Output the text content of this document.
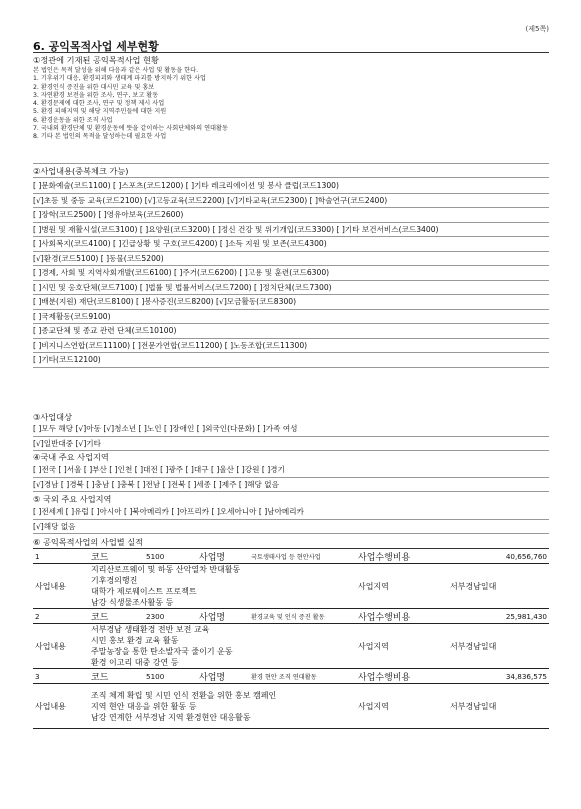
(제5쪽)
6. 공익목적사업 세부현황
①정관에 기재된 공익목적사업 현황
본 법인은 목적 달성을 위해 다음과 같은 사업 및 활동을 한다.
1. 기후위기 대응, 환경피괴와 생태계 파괴를 방지하기 위한 사업
2. 환경인식 증진을 위한 대시민 교육 및 홍보
3. 자연환경 보전을 위한 조사, 연구, 보고 활동
4. 환경문제에 대한 조사, 연구 및 정책 제시 사업
5. 환경 피해지역 및 해당 지역주민들에 대한 지원
6. 환경운동을 위한 조직 사업
7. 국내외 환경단체 및 환경운동에 뜻을 같이하는 사회단체와의 연대활동
8. 기타 본 법인의 목적을 달성하는데 필요한 사업
②사업내용(중복체크 가능)
[ ]문화예술(코드1100) [ ]스포츠(코드1200) [ ]기타 레크리에이션 및 봉사 클럽(코드1300)
[√]초등 및 중등 교육(코드2100) [√]고등교육(코드2200) [√]기타교육(코드2300) [ ]학술연구(코드2400)
[ ]장학(코드2500) [ ]영유아보육(코드2600)
[ ]병원 및 재활시설(코드3100) [ ]요양원(코드3200) [ ]정신 건강 및 위기개입(코드3300) [ ]기타 보건서비스(코드3400)
[ ]사회복지(코드4100) [ ]긴급상황 및 구호(코드4200) [ ]소득 지원 및 보존(코드4300)
[√]환경(코드5100) [ ]동물(코드5200)
[ ]경제, 사회 및 지역사회개발(코드6100) [ ]주거(코드6200) [ ]고용 및 훈련(코드6300)
[ ]시민 및 옹호단체(코드7100) [ ]법률 및 법률서비스(코드7200) [ ]정치단체(코드7300)
[ ]배분(지원) 재단(코드8100) [ ]봉사증진(코드8200) [√]모금활동(코드8300)
[ ]국제활동(코드9100)
[ ]종교단체 및 종교 관련 단체(코드10100)
[ ]비지니스연합(코드11100) [ ]전문가연합(코드11200) [ ]노동조합(코드11300)
[ ]기타(코드12100)
③사업대상
[ ]모두 해당 [√]아동 [√]청소년 [ ]노인 [ ]장애인 [ ]외국인(다문화) [ ]가족 여성
[√]일반대중 [√]기타
④국내 주요 사업지역
[ ]전국 [ ]서울 [ ]부산 [ ]인천 [ ]대전 [ ]광주 [ ]대구 [ ]울산 [ ]강원 [ ]경기
[√]경남 [ ]경북 [ ]충남 [ ]충북 [ ]전남 [ ]전북 [ ]세종 [ ]제주 [ ]해당 없음
⑤ 국외 주요 사업지역
[ ]전세계 [ ]유럽 [ ]아시아 [ ]북아메리카 [ ]아프리카 [ ]오세아니아 [ ]남아메리카
[√]해당 없음
⑥ 공익목적사업의 사업별 실적
1	코드	5100	사업명	국토생태사업 등 현안사업	사업수행비용	40,656,760
사업내용	지리산로프웨이 및 하동 산악열차 반대활동
기후경의행진
대학가 제로웨이스트 프로젝트
남강 식생물조사활동 등				사업지역	서부경남일대
2	코드	2300	사업명	환경교육 및 인식 증진 활동	사업수행비용	25,981,430
사업내용	서부경남 생태환경 전반 보전 교육
시민 홍보 환경 교육 활동
주말농장을 통한 탄소발자국 줄이기 운동
환경 이고리 대중 강연 등				사업지역	서부경남일대
3	코드	5100	사업명	환경 현안 조직 연대활동	사업수행비용	34,836,575
사업내용	조직 체계 확립 및 시민 인식 전환을 위한 홍보 캠페인
지역 현안 대응을 위한 활동 등
남강 연계한 서부경남 지역 환경현안 대응활동				사업지역	서부경남일대
